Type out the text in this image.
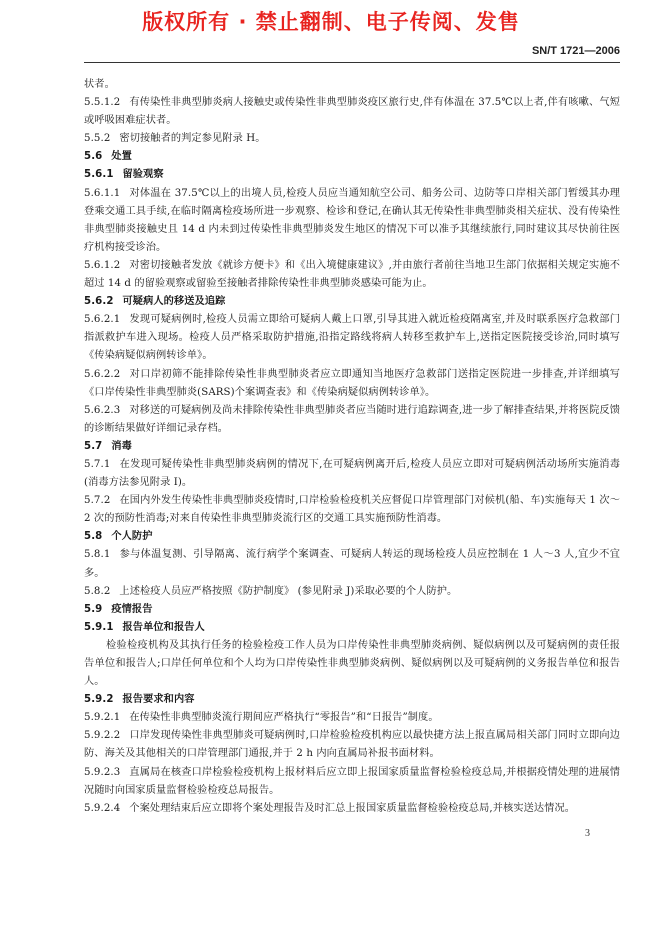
版权所有 · 禁止翻制、电子传阅、发售
SN/T 1721—2006

状者。

5.5.1.2 有传染性非典型肺炎病人接触史或传染性非典型肺炎疫区旅行史,伴有体温在 37.5℃以上者,伴有咳嗽、气短或呼吸困难症状者。

5.5.2 密切接触者的判定参见附录 H。

5.6 处置

5.6.1 留验观察

5.6.1.1 对体温在 37.5℃以上的出境人员,检疫人员应当通知航空公司、船务公司、边防等口岸相关部门暂缓其办理登乘交通工具手续,在临时隔离检疫场所进一步观察、检诊和登记,在确认其无传染性非典型肺炎相关症状、没有传染性非典型肺炎接触史且 14 d 内未到过传染性非典型肺炎发生地区的情况下可以准予其继续旅行,同时建议其尽快前往医疗机构接受诊治。

5.6.1.2 对密切接触者发放《就诊方便卡》和《出入境健康建议》,并由旅行者前往当地卫生部门依据相关规定实施不超过 14 d 的留验观察或留验至接触者排除传染性非典型肺炎感染可能为止。

5.6.2 可疑病人的移送及追踪

5.6.2.1 发现可疑病例时,检疫人员需立即给可疑病人戴上口罩,引导其进入就近检疫隔离室,并及时联系医疗急救部门指派救护车进入现场。检疫人员严格采取防护措施,沿指定路线将病人转移至救护车上,送指定医院接受诊治,同时填写《传染病疑似病例转诊单》。

5.6.2.2 对口岸初筛不能排除传染性非典型肺炎者应立即通知当地医疗急救部门送指定医院进一步排查,并详细填写《口岸传染性非典型肺炎(SARS)个案调查表》和《传染病疑似病例转诊单》。

5.6.2.3 对移送的可疑病例及尚未排除传染性非典型肺炎者应当随时进行追踪调查,进一步了解排查结果,并将医院反馈的诊断结果做好详细记录存档。

5.7 消毒

5.7.1 在发现可疑传染性非典型肺炎病例的情况下,在可疑病例离开后,检疫人员应立即对可疑病例活动场所实施消毒(消毒方法参见附录 I)。

5.7.2 在国内外发生传染性非典型肺炎疫情时,口岸检验检疫机关应督促口岸管理部门对候机(船、车)实施每天 1 次～2 次的预防性消毒;对来自传染性非典型肺炎流行区的交通工具实施预防性消毒。

5.8 个人防护

5.8.1 参与体温复测、引导隔离、流行病学个案调查、可疑病人转运的现场检疫人员应控制在 1 人～3 人,宜少不宜多。

5.8.2 上述检疫人员应严格按照《防护制度》 (参见附录 J)采取必要的个人防护。

5.9 疫情报告

5.9.1 报告单位和报告人

检验检疫机构及其执行任务的检验检疫工作人员为口岸传染性非典型肺炎病例、疑似病例以及可疑病例的责任报告单位和报告人;口岸任何单位和个人均为口岸传染性非典型肺炎病例、疑似病例以及可疑病例的义务报告单位和报告人。

5.9.2 报告要求和内容

5.9.2.1 在传染性非典型肺炎流行期间应严格执行“零报告”和“日报告”制度。

5.9.2.2 口岸发现传染性非典型肺炎可疑病例时,口岸检验检疫机构应以最快捷方法上报直属局相关部门同时立即向边防、海关及其他相关的口岸管理部门通报,并于 2 h 内向直属局补报书面材料。

5.9.2.3 直属局在核查口岸检验检疫机构上报材料后应立即上报国家质量监督检验检疫总局,并根据疫情处理的进展情况随时向国家质量监督检验检疫总局报告。

5.9.2.4 个案处理结束后应立即将个案处理报告及时汇总上报国家质量监督检验检疫总局,并核实送达情况。

3
